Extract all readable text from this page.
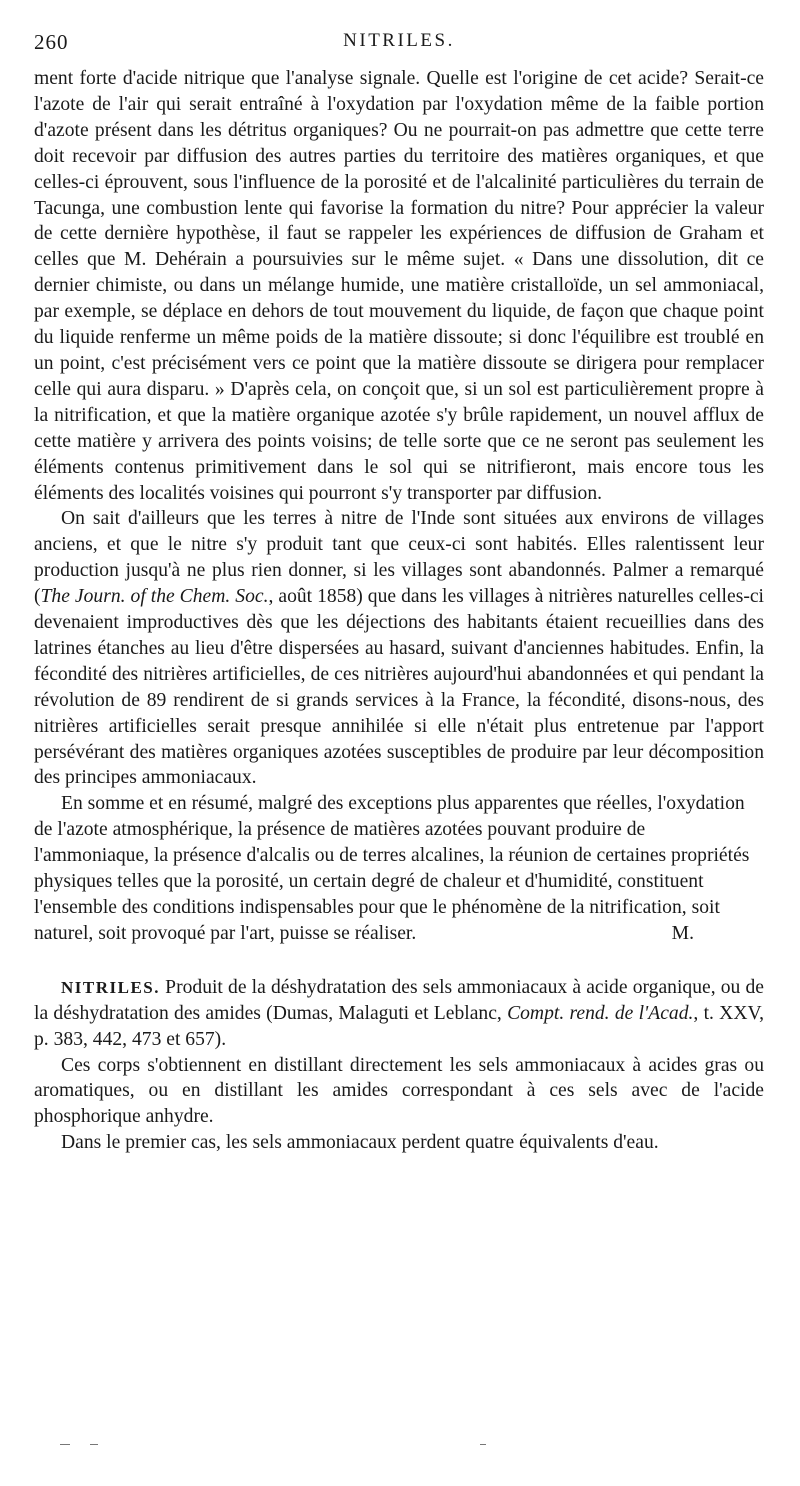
260	NITRILES.

ment forte d'acide nitrique que l'analyse signale. Quelle est l'origine de cet acide? Serait-ce l'azote de l'air qui serait entraîné à l'oxydation par l'oxydation même de la faible portion d'azote présent dans les détritus organiques? Ou ne pourrait-on pas admettre que cette terre doit recevoir par diffusion des autres parties du territoire des matières organiques, et que celles-ci éprouvent, sous l'influence de la porosité et de l'alcalinité particulières du terrain de Tacunga, une combustion lente qui favorise la formation du nitre? Pour apprécier la valeur de cette dernière hypothèse, il faut se rappeler les expériences de diffusion de Graham et celles que M. Dehérain a poursuivies sur le même sujet. « Dans une dissolution, dit ce dernier chimiste, ou dans un mélange humide, une matière cristalloïde, un sel ammoniacal, par exemple, se déplace en dehors de tout mouvement du liquide, de façon que chaque point du liquide renferme un même poids de la matière dissoute; si donc l'équilibre est troublé en un point, c'est précisément vers ce point que la matière dissoute se dirigera pour remplacer celle qui aura disparu. » D'après cela, on conçoit que, si un sol est particulièrement propre à la nitrification, et que la matière organique azotée s'y brûle rapidement, un nouvel afflux de cette matière y arrivera des points voisins; de telle sorte que ce ne seront pas seulement les éléments contenus primitivement dans le sol qui se nitrifieront, mais encore tous les éléments des localités voisines qui pourront s'y transporter par diffusion.

On sait d'ailleurs que les terres à nitre de l'Inde sont situées aux environs de villages anciens, et que le nitre s'y produit tant que ceux-ci sont habités. Elles ralentissent leur production jusqu'à ne plus rien donner, si les villages sont abandonnés. Palmer a remarqué (The Journ. of the Chem. Soc., août 1858) que dans les villages à nitrières naturelles celles-ci devenaient improductives dès que les déjections des habitants étaient recueillies dans des latrines étanches au lieu d'être dispersées au hasard, suivant d'anciennes habitudes. Enfin, la fécondité des nitrières artificielles, de ces nitrières aujourd'hui abandonnées et qui pendant la révolution de 89 rendirent de si grands services à la France, la fécondité, disons-nous, des nitrières artificielles serait presque annihilée si elle n'était plus entretenue par l'apport persévérant des matières organiques azotées susceptibles de produire par leur décomposition des principes ammoniacaux.

En somme et en résumé, malgré des exceptions plus apparentes que réelles, l'oxydation de l'azote atmosphérique, la présence de matières azotées pouvant produire de l'ammoniaque, la présence d'alcalis ou de terres alcalines, la réunion de certaines propriétés physiques telles que la porosité, un certain degré de chaleur et d'humidité, constituent l'ensemble des conditions indispensables pour que le phénomène de la nitrification, soit naturel, soit provoqué par l'art, puisse se réaliser.	M.

NITRILES. Produit de la déshydratation des sels ammoniacaux à acide organique, ou de la déshydratation des amides (Dumas, Malaguti et Leblanc, Compt. rend. de l'Acad., t. XXV, p. 383, 442, 473 et 657).

Ces corps s'obtiennent en distillant directement les sels ammoniacaux à acides gras ou aromatiques, ou en distillant les amides correspondant à ces sels avec de l'acide phosphorique anhydre.

Dans le premier cas, les sels ammoniacaux perdent quatre équivalents d'eau.
